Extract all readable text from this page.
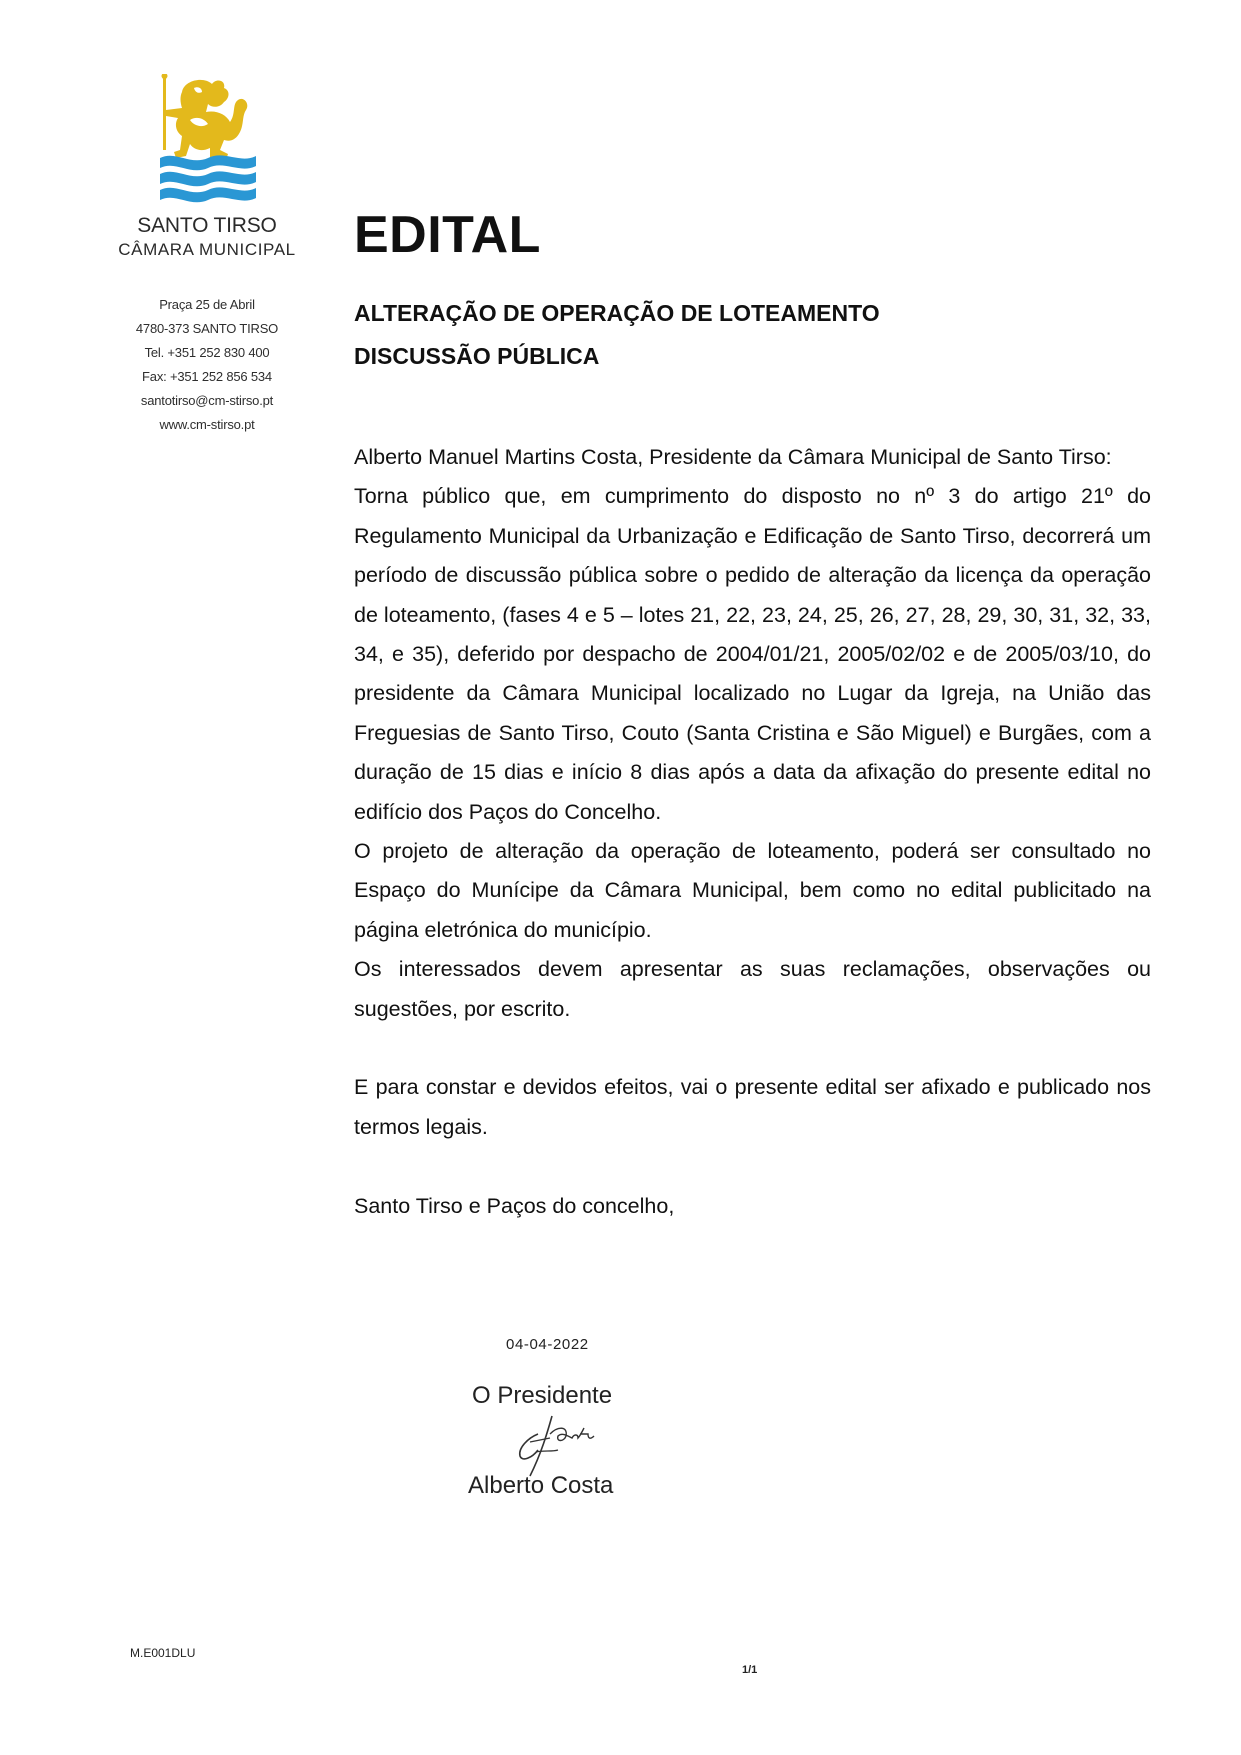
SANTO TIRSO
CÂMARA MUNICIPAL
Praça 25 de Abril
4780-373 SANTO TIRSO
Tel. +351 252 830 400
Fax: +351 252 856 534
santotirso@cm-stirso.pt
www.cm-stirso.pt
EDITAL
ALTERAÇÃO DE OPERAÇÃO DE LOTEAMENTO
DISCUSSÃO PÚBLICA

Alberto Manuel Martins Costa, Presidente da Câmara Municipal de Santo Tirso:

Torna público que, em cumprimento do disposto no nº 3 do artigo 21º do Regulamento Municipal da Urbanização e Edificação de Santo Tirso, decorrerá um período de discussão pública sobre o pedido de alteração da licença da operação de loteamento, (fases 4 e 5 – lotes 21, 22, 23, 24, 25, 26, 27, 28, 29, 30, 31, 32, 33, 34, e 35), deferido por despacho de 2004/01/21, 2005/02/02 e de 2005/03/10, do presidente da Câmara Municipal localizado no Lugar da Igreja, na União das Freguesias de Santo Tirso, Couto (Santa Cristina e São Miguel) e Burgães, com a duração de 15 dias e início 8 dias após a data da afixação do presente edital no edifício dos Paços do Concelho.

O projeto de alteração da operação de loteamento, poderá ser consultado no Espaço do Munícipe da Câmara Municipal, bem como no edital publicitado na página eletrónica do município.

Os interessados devem apresentar as suas reclamações, observações ou sugestões, por escrito.

E para constar e devidos efeitos, vai o presente edital ser afixado e publicado nos termos legais.

Santo Tirso e Paços do concelho,

04-04-2022
O Presidente
Alberto Costa
M.E001DLU
1/1
